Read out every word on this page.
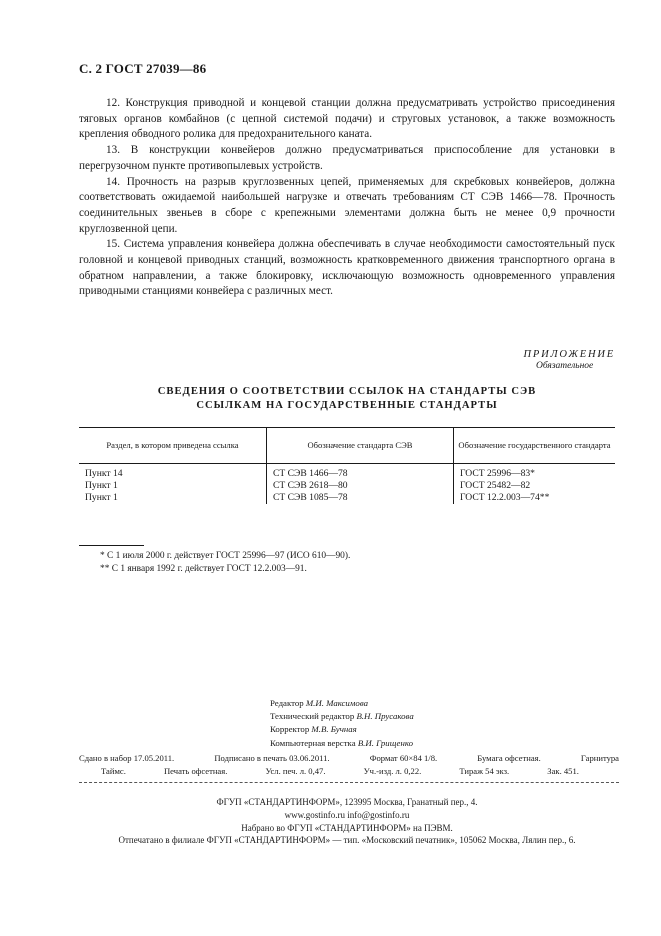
С. 2 ГОСТ 27039—86

12. Конструкция приводной и концевой станции должна предусматривать устройство присоединения тяговых органов комбайнов (с цепной системой подачи) и струговых установок, а также возможность крепления обводного ролика для предохранительного каната.

13. В конструкции конвейеров должно предусматриваться приспособление для установки в перегрузочном пункте противопылевых устройств.

14. Прочность на разрыв круглозвенных цепей, применяемых для скребковых конвейеров, должна соответствовать ожидаемой наибольшей нагрузке и отвечать требованиям СТ СЭВ 1466—78. Прочность соединительных звеньев в сборе с крепежными элементами должна быть не менее 0,9 прочности круглозвенной цепи.

15. Система управления конвейера должна обеспечивать в случае необходимости самостоятельный пуск головной и концевой приводных станций, возможность кратковременного движения транспортного органа в обратном направлении, а также блокировку, исключающую возможность одновременного управления приводными станциями конвейера с различных мест.

ПРИЛОЖЕНИЕ
Обязательное
СВЕДЕНИЯ О СООТВЕТСТВИИ ССЫЛОК НА СТАНДАРТЫ СЭВ
ССЫЛКАМ НА ГОСУДАРСТВЕННЫЕ СТАНДАРТЫ
Раздел, в котором приведена ссылка	Обозначение стандарта СЭВ	Обозначение государственного стандарта
Пункт 14	СТ СЭВ 1466—78	ГОСТ 25996—83*
Пункт 1	СТ СЭВ 2618—80	ГОСТ 25482—82
Пункт 1	СТ СЭВ 1085—78	ГОСТ 12.2.003—74**
* С 1 июля 2000 г. действует ГОСТ 25996—97 (ИСО 610—90).
** С 1 января 1992 г. действует ГОСТ 12.2.003—91.
Редактор М.И. Максимова
Технический редактор В.Н. Прусакова
Корректор М.В. Бучная
Компьютерная верстка В.И. Грищенко
Сдано в набор 17.05.2011.	Подписано в печать 03.06.2011.	Формат 60×84 1/8.	Бумага офсетная.	Гарнитура
Таймс.	Печать офсетная.	Усл. печ. л. 0,47.	Уч.-изд. л. 0,22.	Тираж 54 экз.	Зак. 451.
ФГУП «СТАНДАРТИНФОРМ», 123995 Москва, Гранатный пер., 4.
www.gostinfo.ru info@gostinfo.ru
Набрано во ФГУП «СТАНДАРТИНФОРМ» на ПЭВМ.
Отпечатано в филиале ФГУП «СТАНДАРТИНФОРМ» — тип. «Московский печатник», 105062 Москва, Лялин пер., 6.
